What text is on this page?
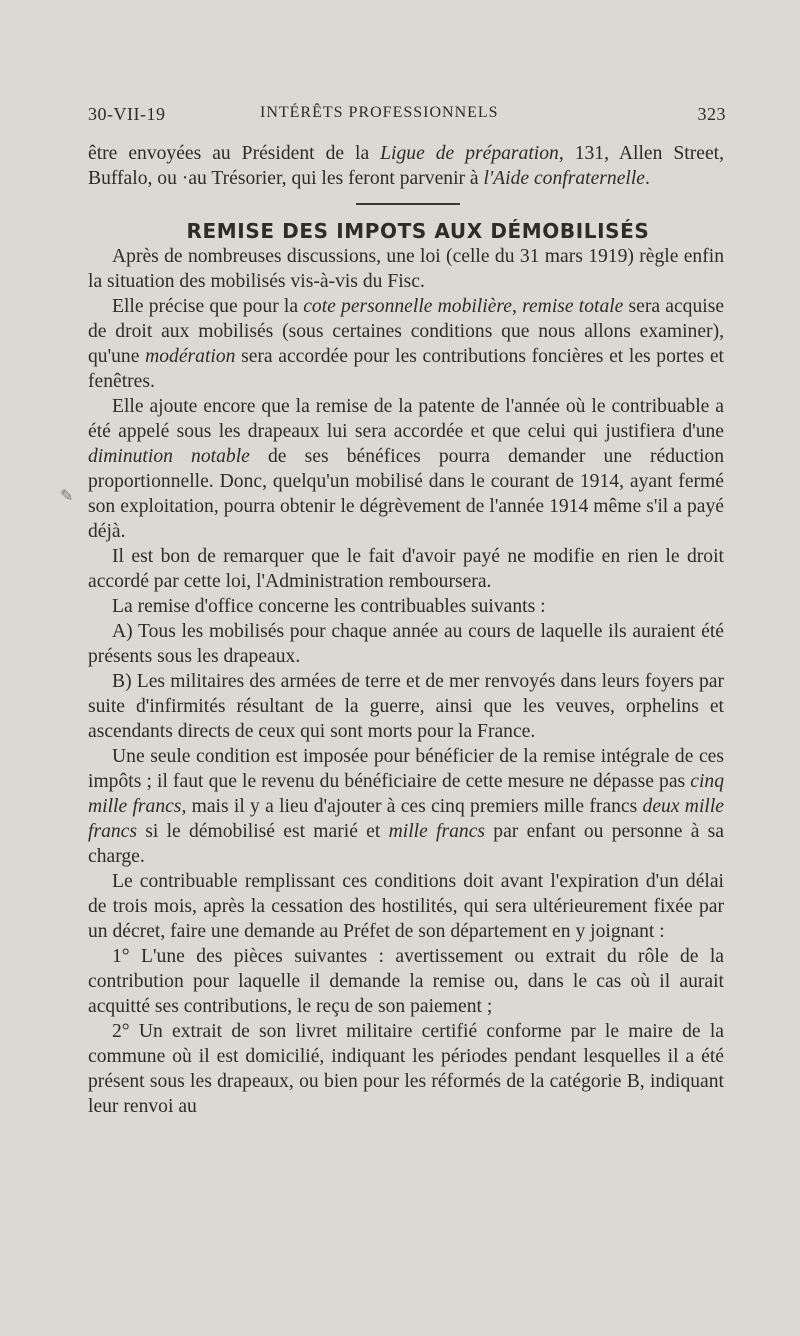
30-VII-19	INTÉRÊTS PROFESSIONNELS	323
✎

être envoyées au Président de la Ligue de préparation, 131, Allen Street, Buffalo, ou ·au Trésorier, qui les feront parvenir à l'Aide confraternelle.

REMISE DES IMPOTS AUX DÉMOBILISÉS

Après de nombreuses discussions, une loi (celle du 31 mars 1919) règle enfin la situation des mobilisés vis-à-vis du Fisc.

Elle précise que pour la cote personnelle mobilière, remise totale sera acquise de droit aux mobilisés (sous certaines conditions que nous allons examiner), qu'une modération sera accordée pour les contributions foncières et les portes et fenêtres.

Elle ajoute encore que la remise de la patente de l'année où le contribuable a été appelé sous les drapeaux lui sera accordée et que celui qui justifiera d'une diminution notable de ses bénéfices pourra demander une réduction proportionnelle. Donc, quelqu'un mobilisé dans le courant de 1914, ayant fermé son exploitation, pourra obtenir le dégrèvement de l'année 1914 même s'il a payé déjà.

Il est bon de remarquer que le fait d'avoir payé ne modifie en rien le droit accordé par cette loi, l'Administration remboursera.

La remise d'office concerne les contribuables suivants :

A) Tous les mobilisés pour chaque année au cours de laquelle ils auraient été présents sous les drapeaux.

B) Les militaires des armées de terre et de mer renvoyés dans leurs foyers par suite d'infirmités résultant de la guerre, ainsi que les veuves, orphelins et ascendants directs de ceux qui sont morts pour la France.

Une seule condition est imposée pour bénéficier de la remise intégrale de ces impôts ; il faut que le revenu du bénéficiaire de cette mesure ne dépasse pas cinq mille francs, mais il y a lieu d'ajouter à ces cinq premiers mille francs deux mille francs si le démobilisé est marié et mille francs par enfant ou personne à sa charge.

Le contribuable remplissant ces conditions doit avant l'expiration d'un délai de trois mois, après la cessation des hostilités, qui sera ultérieurement fixée par un décret, faire une demande au Préfet de son département en y joignant :

1° L'une des pièces suivantes : avertissement ou extrait du rôle de la contribution pour laquelle il demande la remise ou, dans le cas où il aurait acquitté ses contributions, le reçu de son paiement ;

2° Un extrait de son livret militaire certifié conforme par le maire de la commune où il est domicilié, indiquant les périodes pendant lesquelles il a été présent sous les drapeaux, ou bien pour les réformés de la catégorie B, indiquant leur renvoi au
